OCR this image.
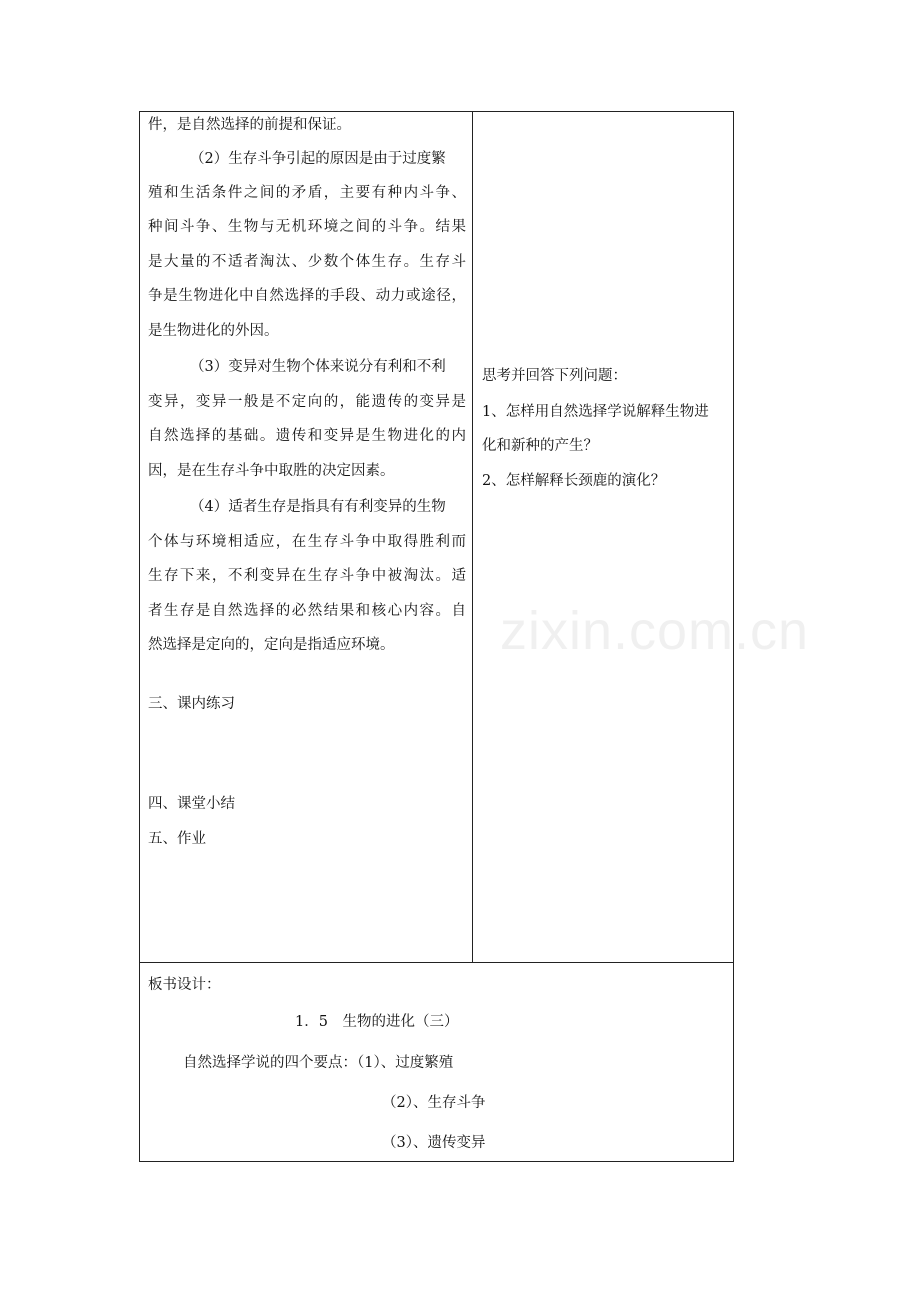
zixin.com.cn
件，是自然选择的前提和保证。
（2）生存斗争引起的原因是由于过度繁
殖和生活条件之间的矛盾，主要有种内斗争、
种间斗争、生物与无机环境之间的斗争。结果
是大量的不适者淘汰、少数个体生存。生存斗
争是生物进化中自然选择的手段、动力或途径，
是生物进化的外因。
（3）变异对生物个体来说分有利和不利
变异，变异一般是不定向的，能遗传的变异是
自然选择的基础。遗传和变异是生物进化的内
因，是在生存斗争中取胜的决定因素。
（4）适者生存是指具有有利变异的生物
个体与环境相适应，在生存斗争中取得胜利而
生存下来，不利变异在生存斗争中被淘汰。适
者生存是自然选择的必然结果和核心内容。自
然选择是定向的，定向是指适应环境。
三、课内练习
四、课堂小结
五、作业
思考并回答下列问题：
1、怎样用自然选择学说解释生物进
化和新种的产生？
2、怎样解释长颈鹿的演化？
板书设计：
1．5　生物的进化（三）
自然选择学说的四个要点：（1）、过度繁殖
（2）、生存斗争
（3）、遗传变异
